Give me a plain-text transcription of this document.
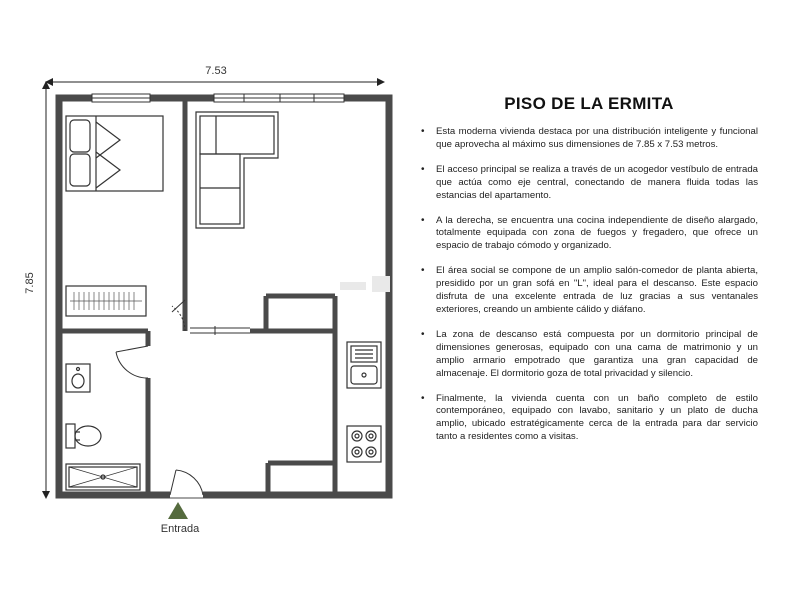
7.53
7.85
Entrada
PISO DE LA ERMITA
• Esta moderna vivienda destaca por una distribución inteligente y funcional que aprovecha al máximo sus dimensiones de 7.85 x 7.53 metros.
• El acceso principal se realiza a través de un acogedor vestíbulo de entrada que actúa como eje central, conectando de manera fluida todas las estancias del apartamento.
• A la derecha, se encuentra una cocina independiente de diseño alargado, totalmente equipada con zona de fuegos y fregadero, que ofrece un espacio de trabajo cómodo y organizado.
• El área social se compone de un amplio salón-comedor de planta abierta, presidido por un gran sofá en "L", ideal para el descanso. Este espacio disfruta de una excelente entrada de luz gracias a sus ventanales exteriores, creando un ambiente cálido y diáfano.
• La zona de descanso está compuesta por un dormitorio principal de dimensiones generosas, equipado con una cama de matrimonio y un amplio armario empotrado que garantiza una gran capacidad de almacenaje. El dormitorio goza de total privacidad y silencio.
• Finalmente, la vivienda cuenta con un baño completo de estilo contemporáneo, equipado con lavabo, sanitario y un plato de ducha amplio, ubicado estratégicamente cerca de la entrada para dar servicio tanto a residentes como a visitas.
